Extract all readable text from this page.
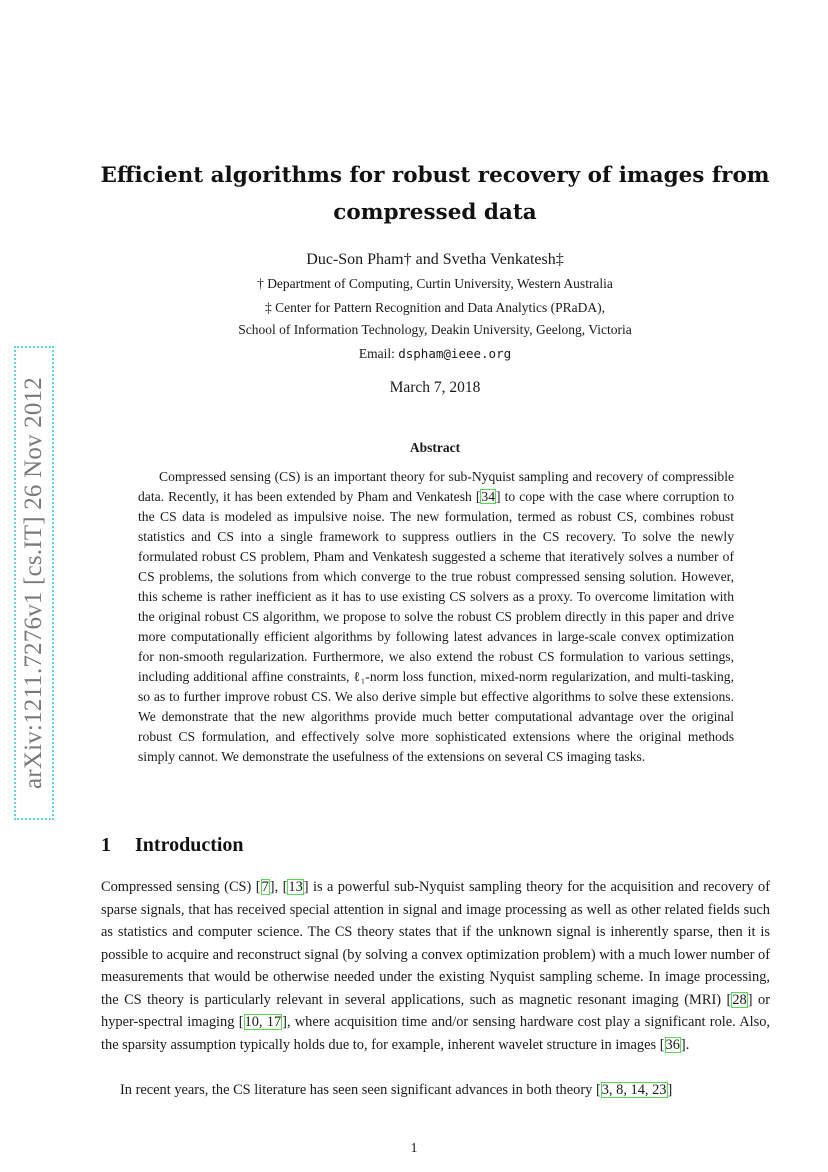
arXiv:1211.7276v1 [cs.IT] 26 Nov 2012
Efficient algorithms for robust recovery of images from
compressed data
Duc-Son Pham† and Svetha Venkatesh‡
† Department of Computing, Curtin University, Western Australia
‡ Center for Pattern Recognition and Data Analytics (PRaDA),
School of Information Technology, Deakin University, Geelong, Victoria
Email: dspham@ieee.org
March 7, 2018
Abstract

Compressed sensing (CS) is an important theory for sub-Nyquist sampling and recovery of compressible data. Recently, it has been extended by Pham and Venkatesh [34] to cope with the case where corruption to the CS data is modeled as impulsive noise. The new formulation, termed as robust CS, combines robust statistics and CS into a single framework to suppress outliers in the CS recovery. To solve the newly formulated robust CS problem, Pham and Venkatesh suggested a scheme that iteratively solves a number of CS problems, the solutions from which converge to the true robust compressed sensing solution. However, this scheme is rather inefficient as it has to use existing CS solvers as a proxy. To overcome limitation with the original robust CS algorithm, we propose to solve the robust CS problem directly in this paper and drive more computationally efficient algorithms by following latest advances in large-scale convex optimization for non-smooth regularization. Furthermore, we also extend the robust CS formulation to various settings, including additional affine constraints, ℓ₁-norm loss function, mixed-norm regularization, and multi-tasking, so as to further improve robust CS. We also derive simple but effective algorithms to solve these extensions. We demonstrate that the new algorithms provide much better computational advantage over the original robust CS formulation, and effectively solve more sophisticated extensions where the original methods simply cannot. We demonstrate the usefulness of the extensions on several CS imaging tasks.

1 Introduction

Compressed sensing (CS) [7], [13] is a powerful sub-Nyquist sampling theory for the acquisition and recovery of sparse signals, that has received special attention in signal and image processing as well as other related fields such as statistics and computer science. The CS theory states that if the unknown signal is inherently sparse, then it is possible to acquire and reconstruct signal (by solving a convex optimization problem) with a much lower number of measurements that would be otherwise needed under the existing Nyquist sampling scheme. In image processing, the CS theory is particularly relevant in several applications, such as magnetic resonant imaging (MRI) [28] or hyper-spectral imaging [10, 17], where acquisition time and/or sensing hardware cost play a significant role. Also, the sparsity assumption typically holds due to, for example, inherent wavelet structure in images [36].

In recent years, the CS literature has seen seen significant advances in both theory [3, 8, 14, 23]

1
